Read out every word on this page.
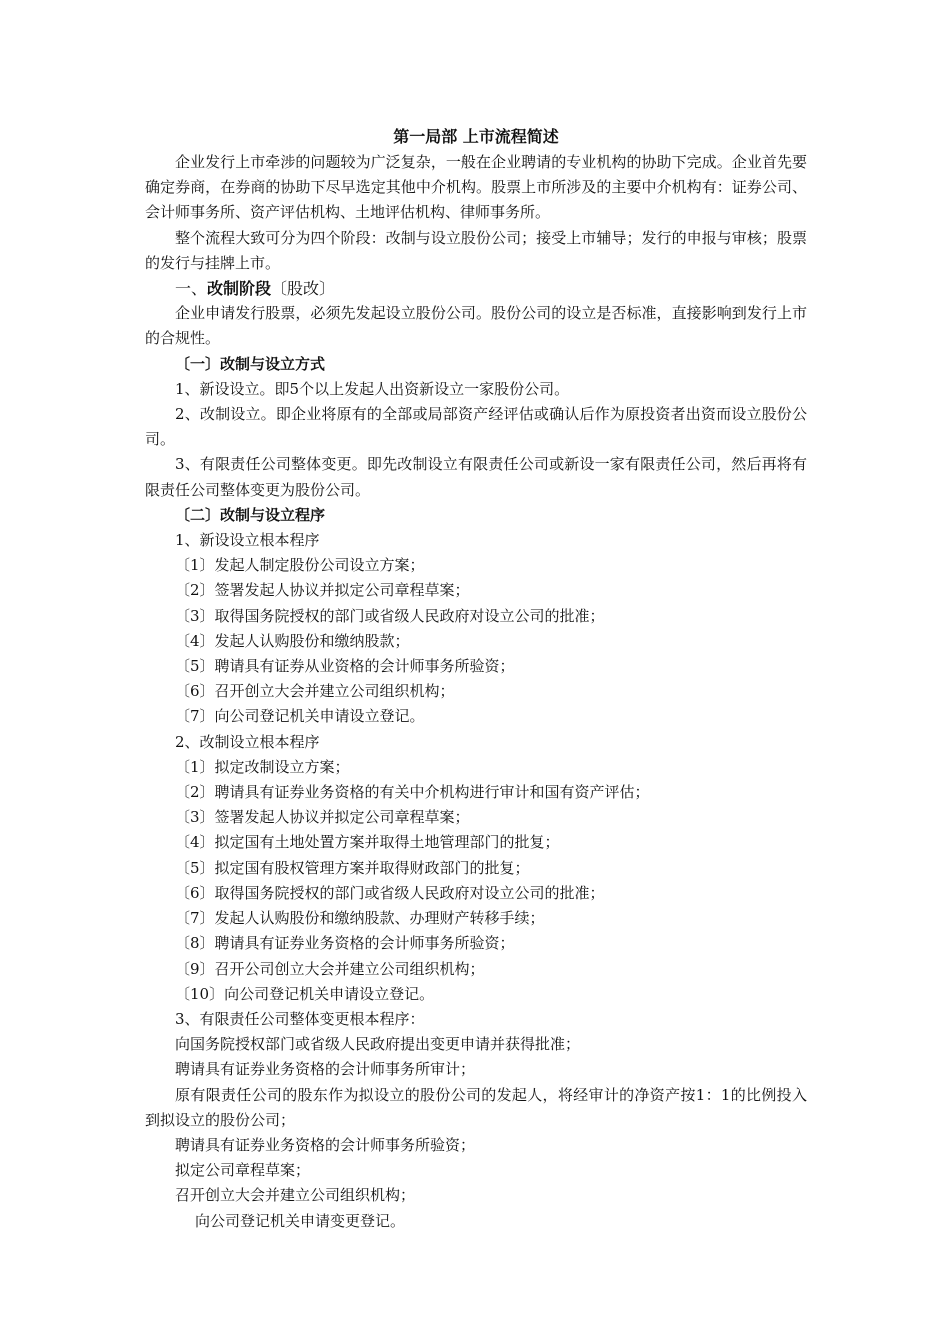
第一局部 上市流程简述

企业发行上市牵涉的问题较为广泛复杂，一般在企业聘请的专业机构的协助下完成。企业首先要确定券商，在券商的协助下尽早选定其他中介机构。股票上市所涉及的主要中介机构有：证券公司、会计师事务所、资产评估机构、土地评估机构、律师事务所。

整个流程大致可分为四个阶段：改制与设立股份公司；接受上市辅导；发行的申报与审核；股票的发行与挂牌上市。

一、改制阶段〔股改〕

企业申请发行股票，必须先发起设立股份公司。股份公司的设立是否标准，直接影响到发行上市的合规性。

〔一〕改制与设立方式

1、新设设立。即5个以上发起人出资新设立一家股份公司。

2、改制设立。即企业将原有的全部或局部资产经评估或确认后作为原投资者出资而设立股份公司。

3、有限责任公司整体变更。即先改制设立有限责任公司或新设一家有限责任公司，然后再将有限责任公司整体变更为股份公司。

〔二〕改制与设立程序

1、新设设立根本程序

〔1〕发起人制定股份公司设立方案；

〔2〕签署发起人协议并拟定公司章程草案；

〔3〕取得国务院授权的部门或省级人民政府对设立公司的批准；

〔4〕发起人认购股份和缴纳股款；

〔5〕聘请具有证券从业资格的会计师事务所验资；

〔6〕召开创立大会并建立公司组织机构；

〔7〕向公司登记机关申请设立登记。

2、改制设立根本程序

〔1〕拟定改制设立方案；

〔2〕聘请具有证券业务资格的有关中介机构进行审计和国有资产评估；

〔3〕签署发起人协议并拟定公司章程草案；

〔4〕拟定国有土地处置方案并取得土地管理部门的批复；

〔5〕拟定国有股权管理方案并取得财政部门的批复；

〔6〕取得国务院授权的部门或省级人民政府对设立公司的批准；

〔7〕发起人认购股份和缴纳股款、办理财产转移手续；

〔8〕聘请具有证券业务资格的会计师事务所验资；

〔9〕召开公司创立大会并建立公司组织机构；

〔10〕向公司登记机关申请设立登记。

3、有限责任公司整体变更根本程序：

向国务院授权部门或省级人民政府提出变更申请并获得批准；

聘请具有证券业务资格的会计师事务所审计；

原有限责任公司的股东作为拟设立的股份公司的发起人，将经审计的净资产按1：1的比例投入到拟设立的股份公司；

聘请具有证券业务资格的会计师事务所验资；

拟定公司章程草案；

召开创立大会并建立公司组织机构；

向公司登记机关申请变更登记。
